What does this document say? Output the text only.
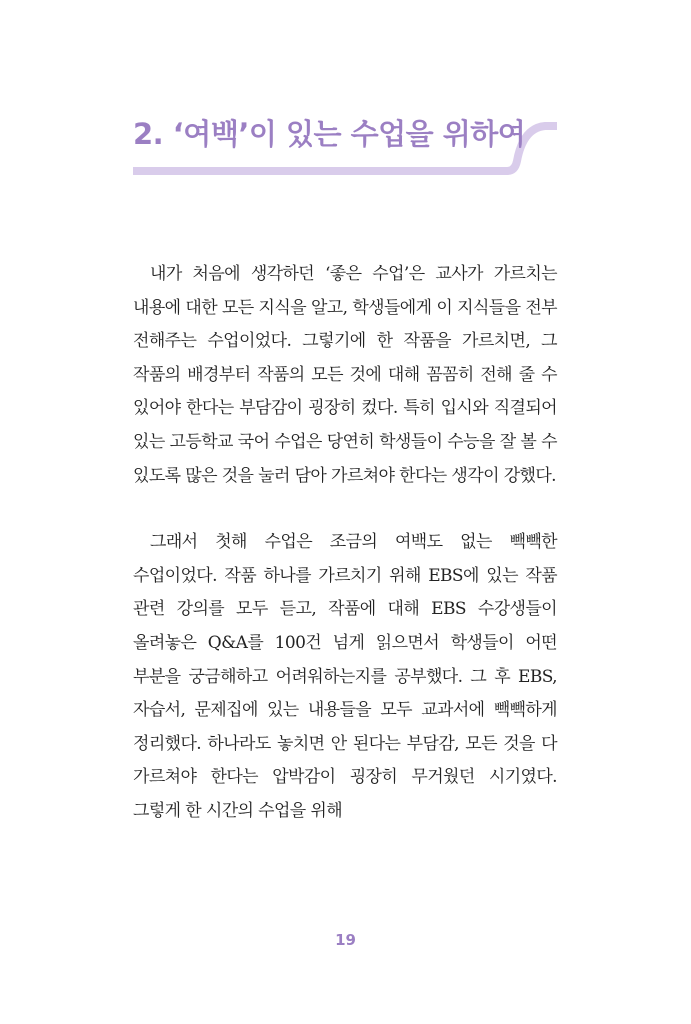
2. ‘여백’이 있는 수업을 위하여

내가 처음에 생각하던 ‘좋은 수업’은 교사가 가르치는 내용에 대한 모든 지식을 알고, 학생들에게 이 지식들을 전부 전해주는 수업이었다. 그렇기에 한 작품을 가르치면, 그 작품의 배경부터 작품의 모든 것에 대해 꼼꼼히 전해 줄 수 있어야 한다는 부담감이 굉장히 컸다. 특히 입시와 직결되어 있는 고등학교 국어 수업은 당연히 학생들이 수능을 잘 볼 수 있도록 많은 것을 눌러 담아 가르쳐야 한다는 생각이 강했다.

그래서 첫해 수업은 조금의 여백도 없는 빽빽한 수업이었다. 작품 하나를 가르치기 위해 EBS에 있는 작품 관련 강의를 모두 듣고, 작품에 대해 EBS 수강생들이 올려놓은 Q&A를 100건 넘게 읽으면서 학생들이 어떤 부분을 궁금해하고 어려워하는지를 공부했다. 그 후 EBS, 자습서, 문제집에 있는 내용들을 모두 교과서에 빽빽하게 정리했다. 하나라도 놓치면 안 된다는 부담감, 모든 것을 다 가르쳐야 한다는 압박감이 굉장히 무거웠던 시기였다. 그렇게 한 시간의 수업을 위해

19
